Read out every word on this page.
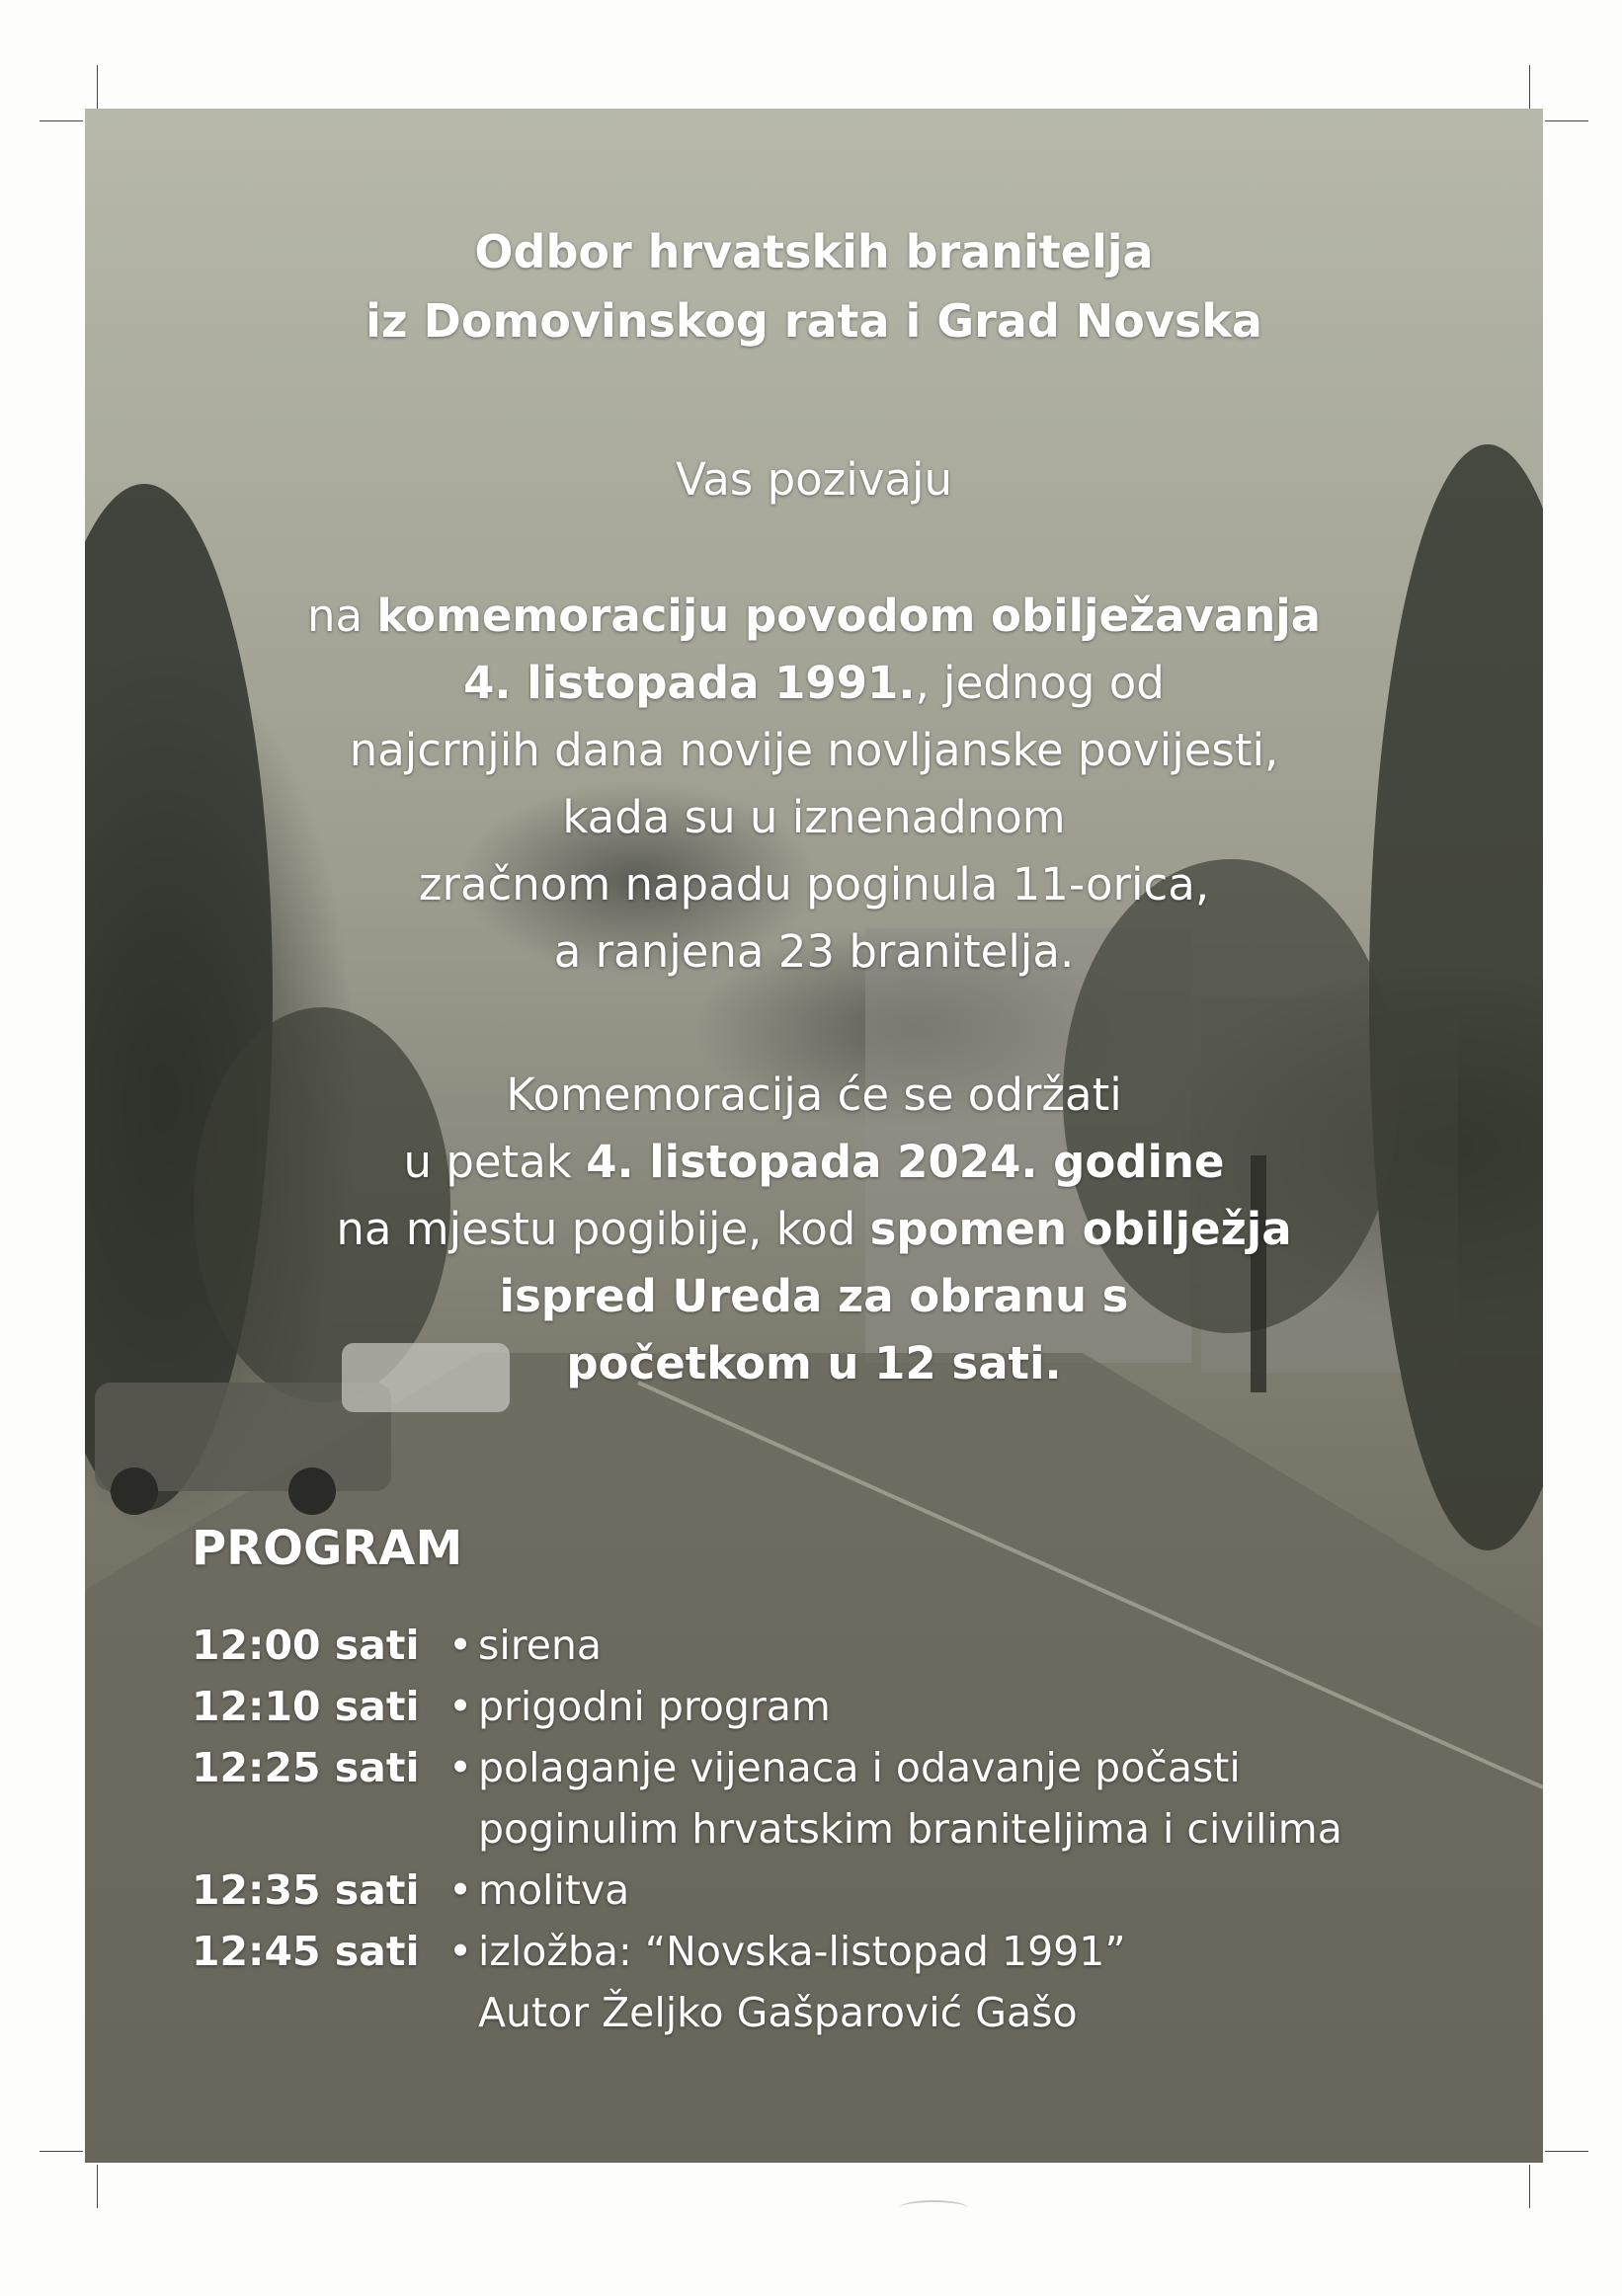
Odbor hrvatskih branitelja
iz Domovinskog rata i Grad Novska
Vas pozivaju
na komemoraciju povodom obilježavanja
4. listopada 1991., jednog od
najcrnjih dana novije novljanske povijesti,
kada su u iznenadnom
zračnom napadu poginula 11-orica,
a ranjena 23 branitelja.
Komemoracija će se održati
u petak 4. listopada 2024. godine
na mjestu pogibije, kod spomen obilježja
ispred Ureda za obranu s
početkom u 12 sati.
PROGRAM
12:00 sati • sirena
12:10 sati • prigodni program
12:25 sati • polaganje vijenaca i odavanje počasti
poginulim hrvatskim braniteljima i civilima
12:35 sati • molitva
12:45 sati • izložba: “Novska-listopad 1991”
Autor Željko Gašparović Gašo
